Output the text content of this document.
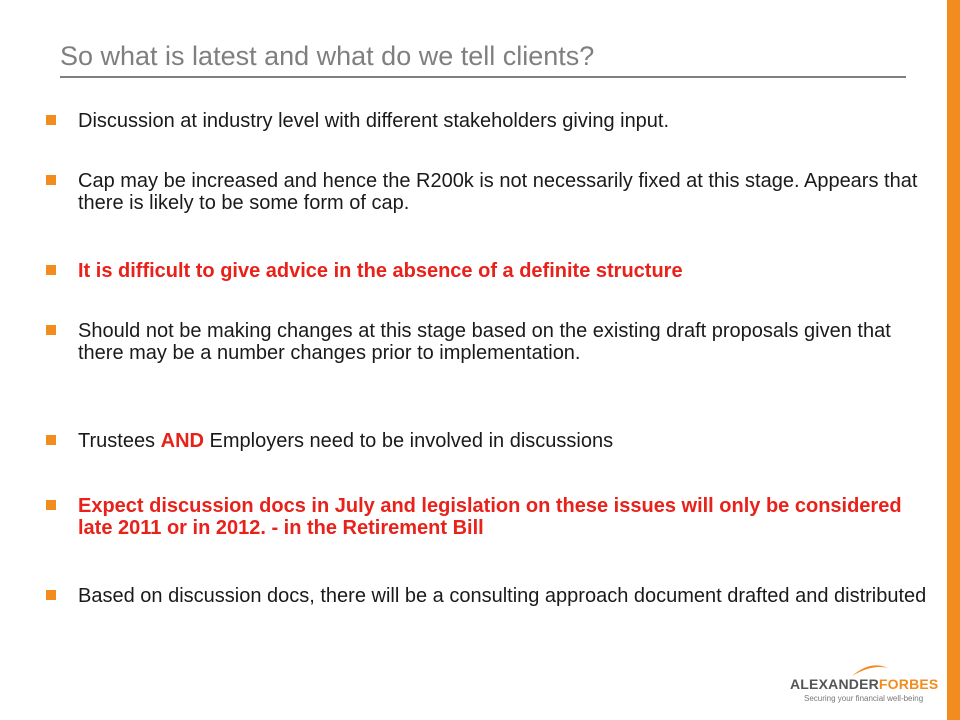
So what is latest and what do we tell clients?
Discussion at industry level with different stakeholders giving input.
Cap may be increased and hence the R200k is not necessarily fixed at this stage. Appears that there is likely to be some form of cap.
It is difficult to give advice in the absence of a definite structure
Should not be making changes at this stage based on the existing draft proposals given that there may be a number changes prior to implementation.
Trustees AND Employers need to be involved in discussions
Expect discussion docs in July and legislation on these issues will only be considered late 2011 or in 2012. - in the Retirement Bill
Based on discussion docs, there will be a consulting approach document drafted and distributed
ALEXANDERFORBES
Securing your financial well-being
